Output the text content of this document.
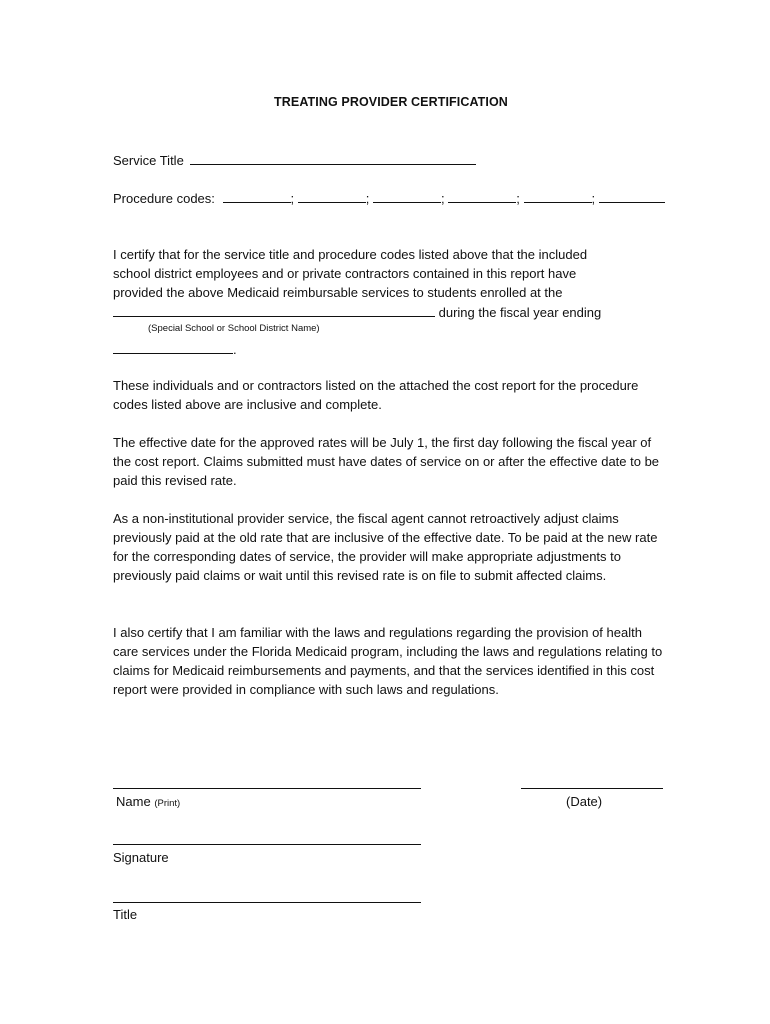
TREATING PROVIDER CERTIFICATION
Service Title
Procedure codes:	;	;	;	;	;
I certify that for the service title and procedure codes listed above that the included
school district employees and or private contractors contained in this report have
provided the above Medicaid reimbursable services to students enrolled at the
during the fiscal year ending
(Special School or School District Name)
.
These individuals and or contractors listed on the attached the cost report for the procedure codes listed above are inclusive and complete.
The effective date for the approved rates will be July 1, the first day following the fiscal year of the cost report. Claims submitted must have dates of service on or after the effective date to be paid this revised rate.
As a non-institutional provider service, the fiscal agent cannot retroactively adjust claims previously paid at the old rate that are inclusive of the effective date. To be paid at the new rate for the corresponding dates of service, the provider will make appropriate adjustments to previously paid claims or wait until this revised rate is on file to submit affected claims.
I also certify that I am familiar with the laws and regulations regarding the provision of health care services under the Florida Medicaid program, including the laws and regulations relating to claims for Medicaid reimbursements and payments, and that the services identified in this cost report were provided in compliance with such laws and regulations.
Name (Print)	(Date)
Signature
Title
